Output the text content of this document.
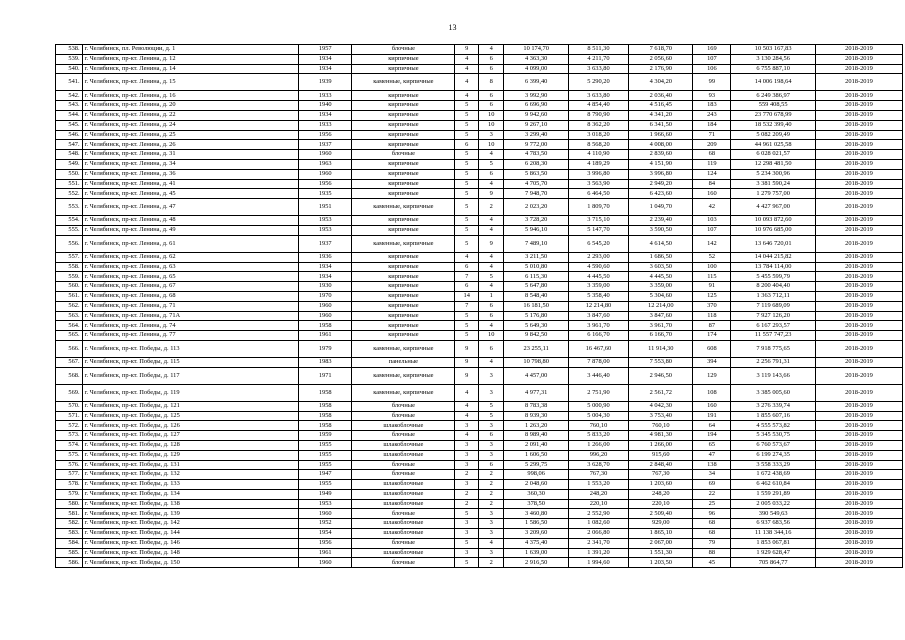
13
538.	г. Челябинск, пл. Революции, д. 1	1957	блочные	9	4	10 174,70	8 511,30	7 618,70	169	10 503 167,83	2018-2019
539.	г. Челябинск, пр-кт. Ленина, д. 12	1934	кирпичные	4	6	4 363,30	4 211,70	2 056,60	107	3 130 284,56	2018-2019
540.	г. Челябинск, пр-кт. Ленина, д. 14	1934	кирпичные	4	6	4 099,00	3 633,80	2 176,90	106	6 755 887,10	2018-2019
541.	г. Челябинск, пр-кт. Ленина, д. 15	1939	каменные, кирпичные	4	8	6 399,40	5 290,20	4 304,20	99	14 006 198,64	2018-2019
542.	г. Челябинск, пр-кт. Ленина, д. 16	1933	кирпичные	4	6	3 992,90	3 633,80	2 036,40	93	6 249 386,97	2018-2019
543.	г. Челябинск, пр-кт. Ленина, д. 20	1940	кирпичные	5	6	6 696,90	4 854,40	4 516,45	183	559 408,55	2018-2019
544.	г. Челябинск, пр-кт. Ленина, д. 22	1934	кирпичные	5	10	9 942,60	8 790,90	4 341,20	243	23 770 678,99	2018-2019
545.	г. Челябинск, пр-кт. Ленина, д. 24	1933	кирпичные	5	10	9 267,10	8 362,20	6 341,50	184	18 532 399,40	2018-2019
546.	г. Челябинск, пр-кт. Ленина, д. 25	1956	кирпичные	5	3	3 299,40	3 018,20	1 966,60	71	5 082 209,49	2018-2019
547.	г. Челябинск, пр-кт. Ленина, д. 26	1937	кирпичные	6	10	9 772,00	8 568,20	4 008,00	209	44 961 025,58	2018-2019
548.	г. Челябинск, пр-кт. Ленина, д. 31	1960	блочные	5	4	4 783,50	4 110,90	2 839,60	68	6 028 021,57	2018-2019
549.	г. Челябинск, пр-кт. Ленина, д. 34	1963	кирпичные	5	5	6 208,30	4 189,29	4 151,90	119	12 298 481,50	2018-2019
550.	г. Челябинск, пр-кт. Ленина, д. 36	1960	кирпичные	5	6	5 863,50	3 996,80	3 996,80	124	5 234 300,96	2018-2019
551.	г. Челябинск, пр-кт. Ленина, д. 41	1956	кирпичные	5	4	4 705,70	3 563,90	2 949,20	84	3 381 590,24	2018-2019
552.	г. Челябинск, пр-кт. Ленина, д. 45	1935	кирпичные	5	9	7 948,70	6 464,50	6 423,60	160	1 279 757,00	2018-2019
553.	г. Челябинск, пр-кт. Ленина, д. 47	1951	каменные, кирпичные	5	2	2 023,20	1 809,70	1 049,70	42	4 427 967,00	2018-2019
554.	г. Челябинск, пр-кт. Ленина, д. 48	1953	кирпичные	5	4	3 728,20	3 715,10	2 239,40	103	10 093 872,60	2018-2019
555.	г. Челябинск, пр-кт. Ленина, д. 49	1953	кирпичные	5	4	5 946,10	5 147,70	3 590,50	107	10 976 685,00	2018-2019
556.	г. Челябинск, пр-кт. Ленина, д. 61	1937	каменные, кирпичные	5	9	7 489,10	6 545,20	4 614,50	142	13 646 720,01	2018-2019
557.	г. Челябинск, пр-кт. Ленина, д. 62	1936	кирпичные	4	4	3 211,50	2 293,00	1 686,50	52	14 044 215,82	2018-2019
558.	г. Челябинск, пр-кт. Ленина, д. 63	1934	кирпичные	6	4	5 010,80	4 590,60	3 603,50	100	13 784 114,00	2018-2019
559.	г. Челябинск, пр-кт. Ленина, д. 65	1934	кирпичные	7	5	6 115,30	4 445,50	4 445,50	115	5 455 599,79	2018-2019
560.	г. Челябинск, пр-кт. Ленина, д. 67	1930	кирпичные	6	4	5 647,80	3 359,00	3 359,00	91	8 200 404,40	2018-2019
561.	г. Челябинск, пр-кт. Ленина, д. 68	1970	кирпичные	14	1	8 548,40	5 358,40	5 304,60	125	1 363 712,11	2018-2019
562.	г. Челябинск, пр-кт. Ленина, д. 71	1960	кирпичные	7	6	16 181,50	12 214,80	12 214,00	370	7 119 689,09	2018-2019
563.	г. Челябинск, пр-кт. Ленина, д. 71А	1960	кирпичные	5	6	5 176,80	3 847,60	3 847,60	118	7 927 126,20	2018-2019
564.	г. Челябинск, пр-кт. Ленина, д. 74	1958	кирпичные	5	4	5 649,30	3 961,70	3 961,70	87	6 167 293,57	2018-2019
565.	г. Челябинск, пр-кт. Ленина, д. 77	1961	кирпичные	5	10	9 842,50	6 166,70	6 166,70	174	11 557 747,23	2018-2019
566.	г. Челябинск, пр-кт. Победы, д. 113	1979	каменные, кирпичные	9	6	23 255,11	16 467,60	11 914,30	608	7 918 775,65	2018-2019
567.	г. Челябинск, пр-кт. Победы, д. 115	1983	панельные	9	4	10 798,80	7 878,00	7 553,80	394	2 256 791,31	2018-2019
568.	г. Челябинск, пр-кт. Победы, д. 117	1971	каменные, кирпичные	9	3	4 457,00	3 446,40	2 946,50	129	3 119 143,66	2018-2019
569.	г. Челябинск, пр-кт. Победы, д. 119	1958	каменные, кирпичные	4	3	4 977,31	2 751,90	2 561,72	108	3 385 005,60	2018-2019
570.	г. Челябинск, пр-кт. Победы, д. 121	1958	блочные	4	5	8 783,38	5 000,90	4 042,30	160	3 276 339,74	2018-2019
571.	г. Челябинск, пр-кт. Победы, д. 125	1958	блочные	4	5	8 939,30	5 004,30	3 753,40	191	1 855 607,16	2018-2019
572.	г. Челябинск, пр-кт. Победы, д. 126	1958	шлакоблочные	3	3	1 263,20	760,10	760,10	64	4 555 573,82	2018-2019
573.	г. Челябинск, пр-кт. Победы, д. 127	1959	блочные	4	6	8 989,40	5 833,20	4 981,30	194	5 345 530,75	2018-2019
574.	г. Челябинск, пр-кт. Победы, д. 128	1955	шлакоблочные	3	3	2 091,40	1 266,00	1 266,00	65	6 760 573,67	2018-2019
575.	г. Челябинск, пр-кт. Победы, д. 129	1955	шлакоблочные	3	3	1 606,50	996,20	915,60	47	6 199 274,35	2018-2019
576.	г. Челябинск, пр-кт. Победы, д. 131	1955	блочные	3	6	5 299,75	3 628,70	2 848,40	138	3 558 333,29	2018-2019
577.	г. Челябинск, пр-кт. Победы, д. 132	1947	блочные	2	2	998,06	767,30	767,30	34	1 672 438,69	2018-2019
578.	г. Челябинск, пр-кт. Победы, д. 133	1955	шлакоблочные	3	2	2 048,60	1 553,20	1 203,60	69	6 462 610,84	2018-2019
579.	г. Челябинск, пр-кт. Победы, д. 134	1949	шлакоблочные	2	2	360,30	248,20	248,20	22	1 559 291,89	2018-2019
580.	г. Челябинск, пр-кт. Победы, д. 138	1953	шлакоблочные	2	2	378,50	220,10	220,10	25	2 005 033,22	2018-2019
581.	г. Челябинск, пр-кт. Победы, д. 139	1960	блочные	5	3	3 460,80	2 552,90	2 509,40	96	390 549,63	2018-2019
582.	г. Челябинск, пр-кт. Победы, д. 142	1952	шлакоблочные	3	3	1 586,50	1 082,60	929,00	68	6 937 683,56	2018-2019
583.	г. Челябинск, пр-кт. Победы, д. 144	1954	шлакоблочные	3	3	3 209,60	2 066,80	1 865,10	68	11 138 344,16	2018-2019
584.	г. Челябинск, пр-кт. Победы, д. 146	1956	блочные	5	4	4 375,40	2 341,70	2 067,00	79	1 853 067,81	2018-2019
585.	г. Челябинск, пр-кт. Победы, д. 148	1961	шлакоблочные	3	3	1 639,00	1 391,20	1 551,30	88	1 929 628,47	2018-2019
586.	г. Челябинск, пр-кт. Победы, д. 150	1960	блочные	5	2	2 916,50	1 994,60	1 203,50	45	705 864,77	2018-2019
